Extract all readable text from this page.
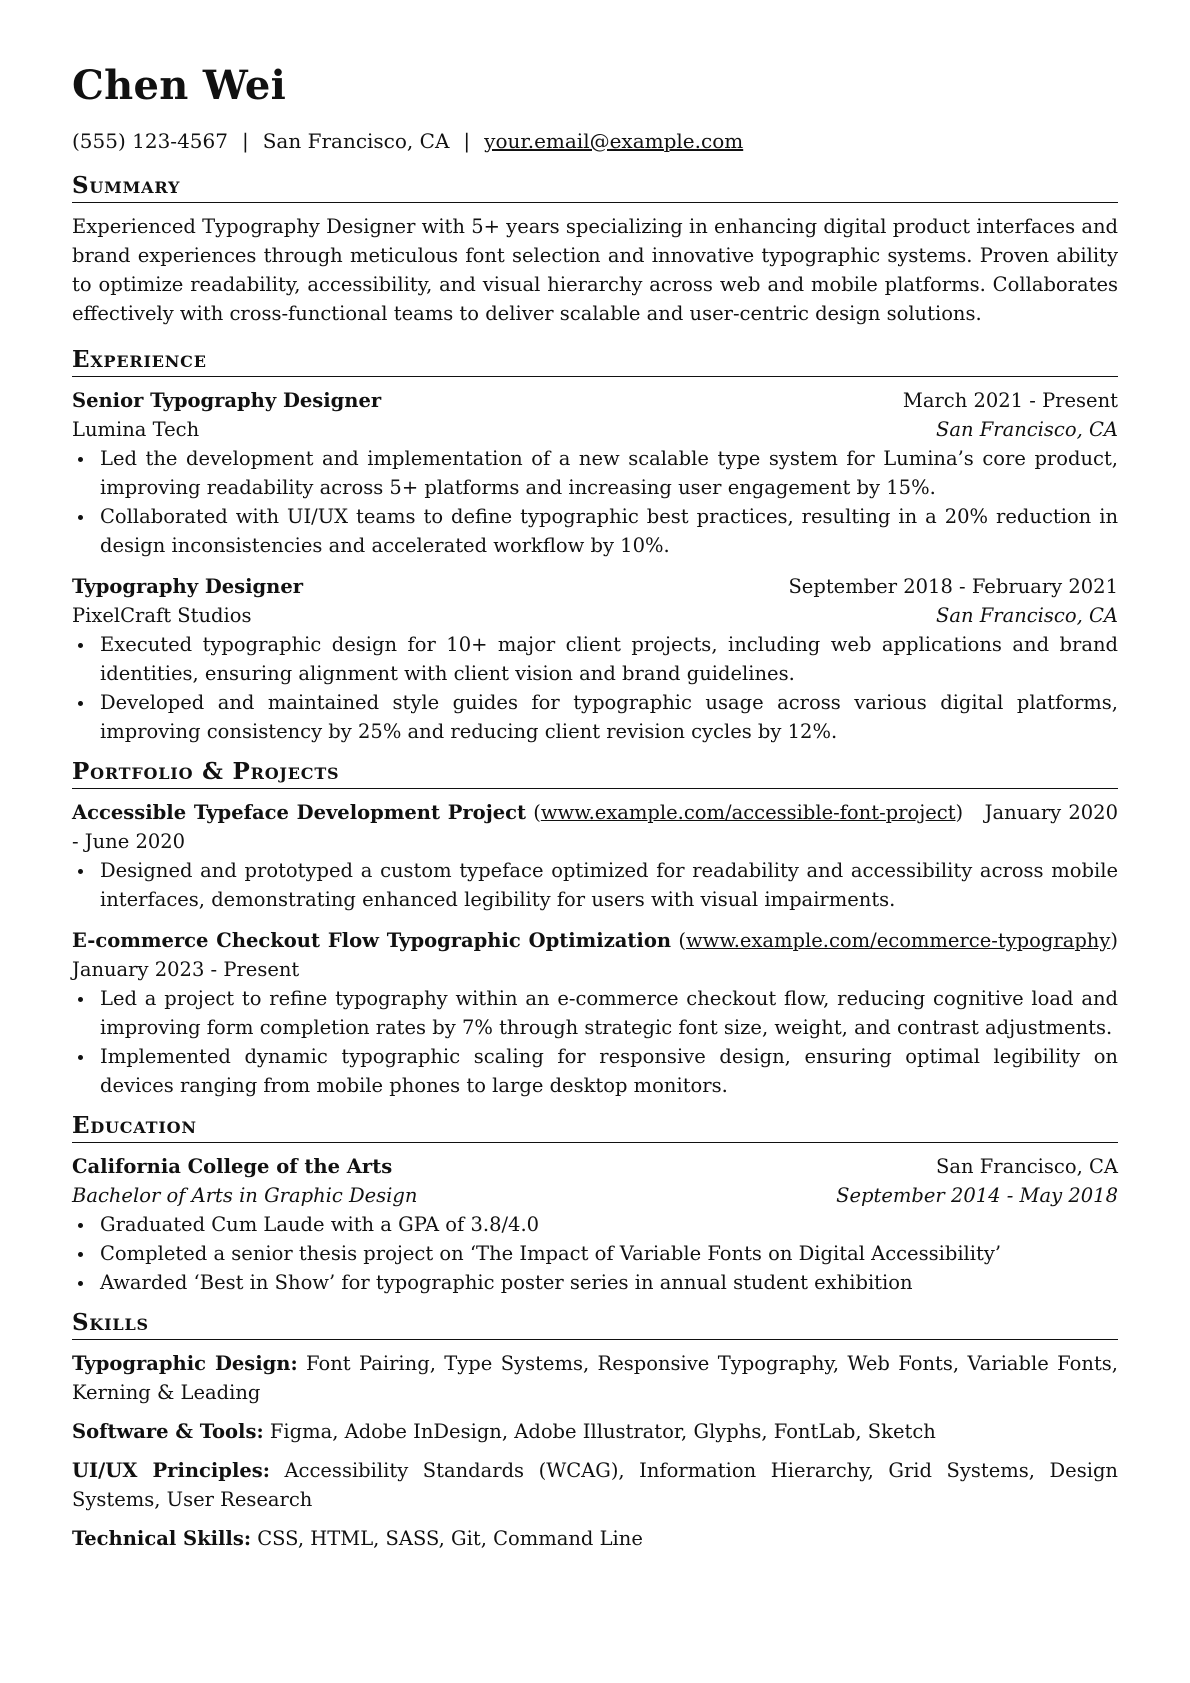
Chen Wei
(555) 123-4567 | San Francisco, CA | your.email@example.com
Summary
Experienced Typography Designer with 5+ years specializing in enhancing digital product interfaces and brand experiences through meticulous font selection and innovative typographic systems. Proven ability to optimize readability, accessibility, and visual hierarchy across web and mobile platforms. Collaborates effectively with cross-functional teams to deliver scalable and user-centric design solutions.
Experience
Senior Typography Designer	March 2021 - Present
Lumina Tech	San Francisco, CA
Led the development and implementation of a new scalable type system for Lumina’s core product, improving readability across 5+ platforms and increasing user engagement by 15%.
Collaborated with UI/UX teams to define typographic best practices, resulting in a 20% reduction in design inconsistencies and accelerated workflow by 10%.
Typography Designer	September 2018 - February 2021
PixelCraft Studios	San Francisco, CA
Executed typographic design for 10+ major client projects, including web applications and brand identities, ensuring alignment with client vision and brand guidelines.
Developed and maintained style guides for typographic usage across various digital platforms, improving consistency by 25% and reducing client revision cycles by 12%.
Portfolio & Projects
Accessible Typeface Development Project (www.example.com/accessible-font-project)   January 2020 - June 2020
Designed and prototyped a custom typeface optimized for readability and accessibility across mobile interfaces, demonstrating enhanced legibility for users with visual impairments.
E-commerce Checkout Flow Typographic Optimization (www.example.com/ecommerce-typography) January 2023 - Present
Led a project to refine typography within an e-commerce checkout flow, reducing cognitive load and improving form completion rates by 7% through strategic font size, weight, and contrast adjustments.
Implemented dynamic typographic scaling for responsive design, ensuring optimal legibility on devices ranging from mobile phones to large desktop monitors.
Education
California College of the Arts	San Francisco, CA
Bachelor of Arts in Graphic Design	September 2014 - May 2018
Graduated Cum Laude with a GPA of 3.8/4.0
Completed a senior thesis project on ‘The Impact of Variable Fonts on Digital Accessibility’
Awarded ‘Best in Show’ for typographic poster series in annual student exhibition
Skills
Typographic Design: Font Pairing, Type Systems, Responsive Typography, Web Fonts, Variable Fonts, Kerning & Leading
Software & Tools: Figma, Adobe InDesign, Adobe Illustrator, Glyphs, FontLab, Sketch
UI/UX Principles: Accessibility Standards (WCAG), Information Hierarchy, Grid Systems, Design Systems, User Research
Technical Skills: CSS, HTML, SASS, Git, Command Line
